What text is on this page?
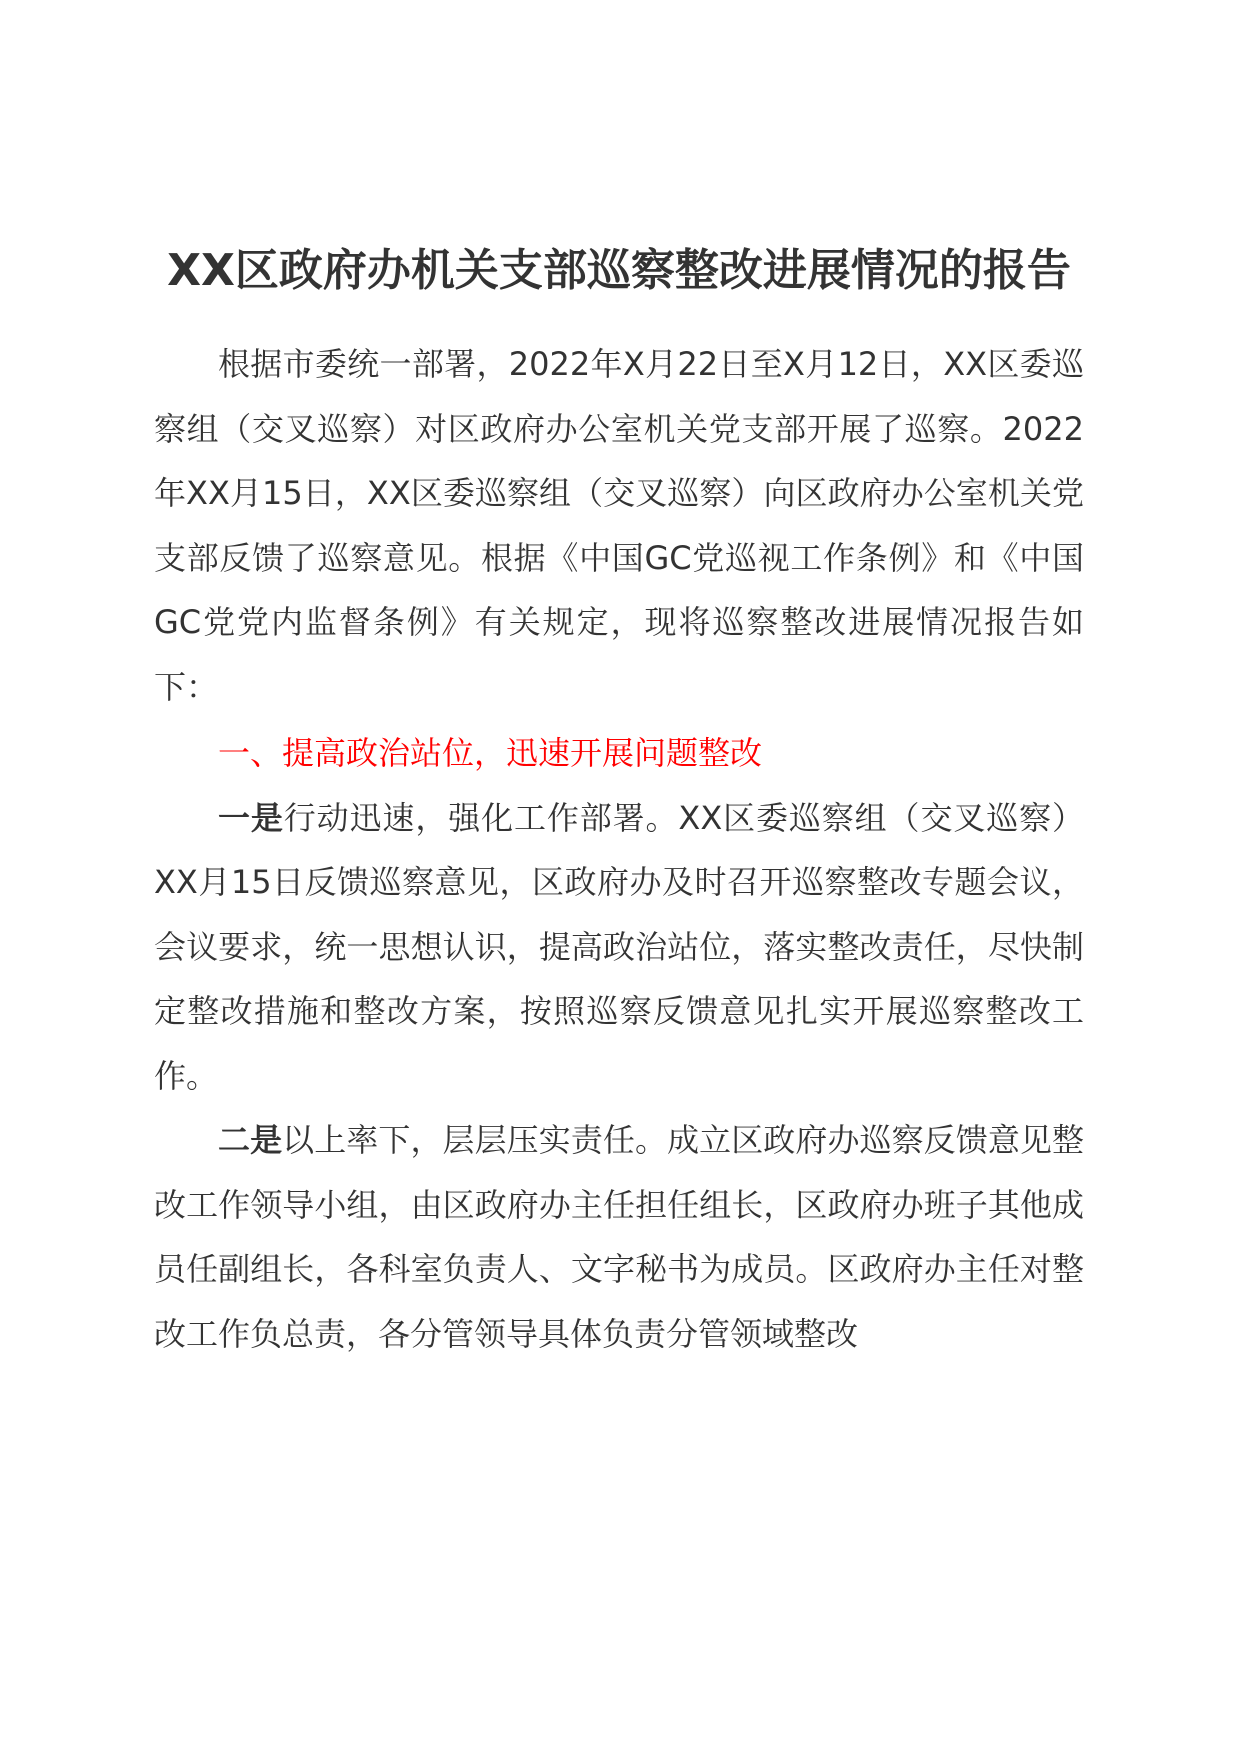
XX区政府办机关支部巡察整改进展情况的报告

根据市委统一部署，2022年X月22日至X月12日，XX区委巡察组（交叉巡察）对区政府办公室机关党支部开展了巡察。2022年XX月15日，XX区委巡察组（交叉巡察）向区政府办公室机关党支部反馈了巡察意见。根据《中国GC党巡视工作条例》和《中国GC党党内监督条例》有关规定，现将巡察整改进展情况报告如下：

一、提高政治站位，迅速开展问题整改

一是行动迅速，强化工作部署。XX区委巡察组（交叉巡察）XX月15日反馈巡察意见，区政府办及时召开巡察整改专题会议，会议要求，统一思想认识，提高政治站位，落实整改责任，尽快制定整改措施和整改方案，按照巡察反馈意见扎实开展巡察整改工作。

二是以上率下，层层压实责任。成立区政府办巡察反馈意见整改工作领导小组，由区政府办主任担任组长，区政府办班子其他成员任副组长，各科室负责人、文字秘书为成员。区政府办主任对整改工作负总责，各分管领导具体负责分管领域整改
